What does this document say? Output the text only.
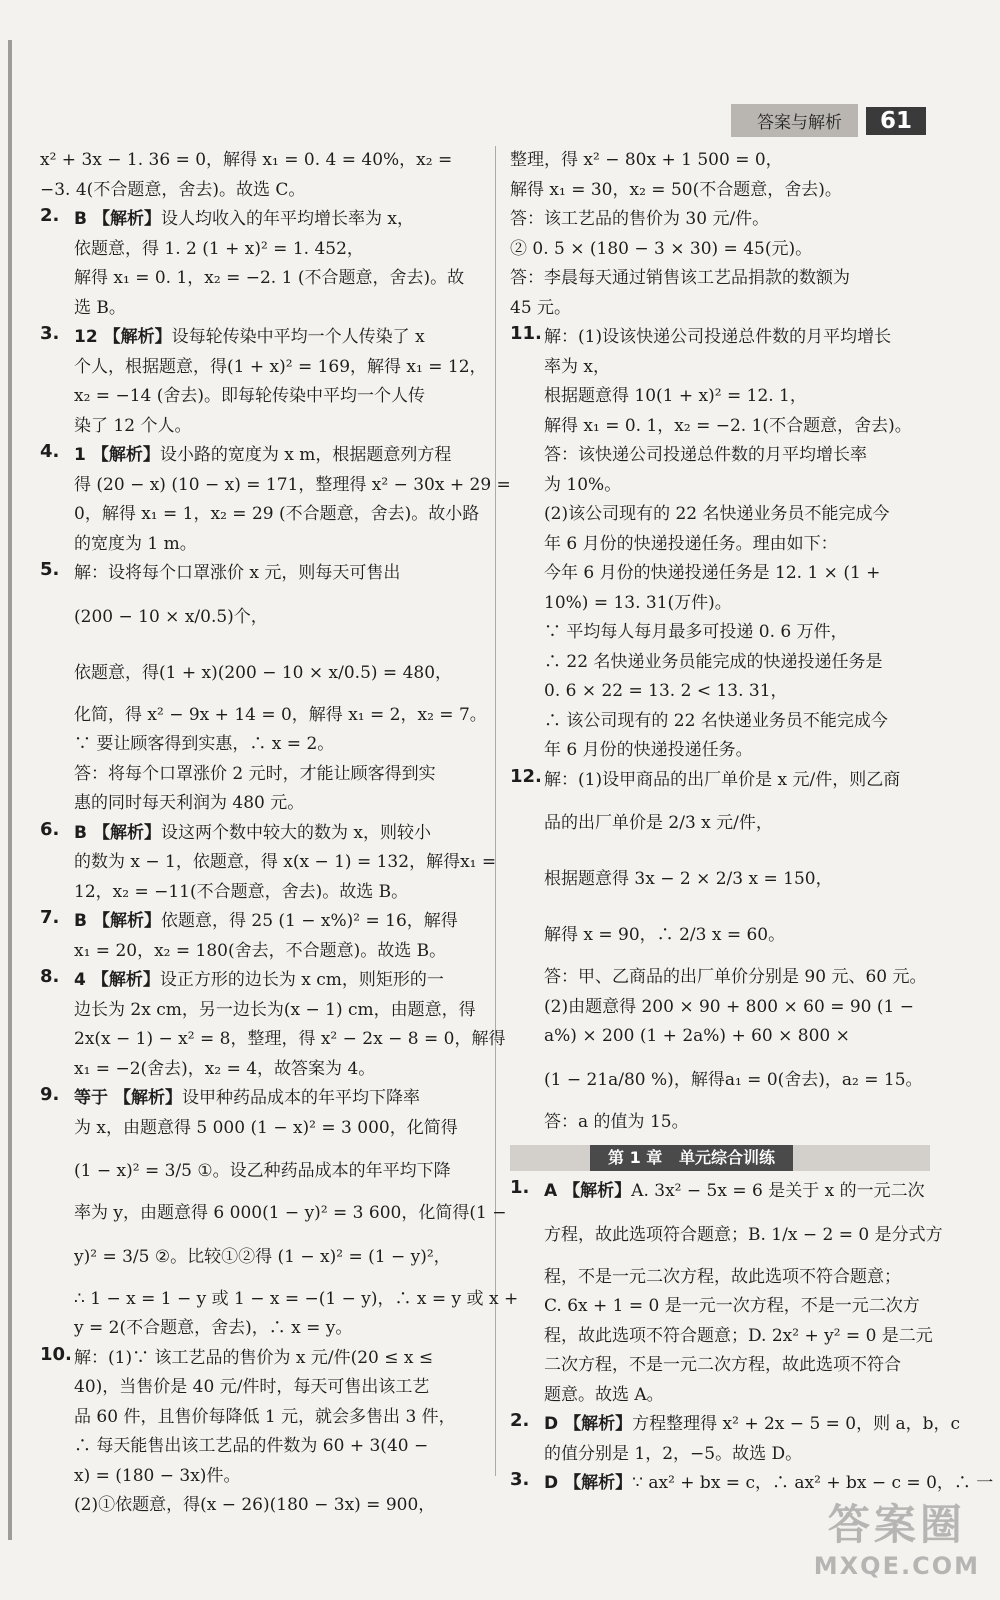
答案与解析	61
x² + 3x − 1. 36 = 0，解得 x₁ = 0. 4 = 40%，x₂ =
−3. 4(不合题意，舍去)。故选 C。
2. B 【解析】设人均收入的年平均增长率为 x，
依题意，得 1. 2 (1 + x)² = 1. 452，
解得 x₁ = 0. 1，x₂ = −2. 1 (不合题意，舍去)。故
选 B。
3. 12 【解析】设每轮传染中平均一个人传染了 x
个人，根据题意，得(1 + x)² = 169，解得 x₁ = 12，
x₂ = −14 (舍去)。即每轮传染中平均一个人传
染了 12 个人。
4. 1 【解析】设小路的宽度为 x m，根据题意列方程
得 (20 − x) (10 − x) = 171，整理得 x² − 30x + 29 =
0，解得 x₁ = 1，x₂ = 29 (不合题意，舍去)。故小路
的宽度为 1 m。
5. 解：设将每个口罩涨价 x 元，则每天可售出
(200 − 10 × x/0.5)个，
依题意，得(1 + x)(200 − 10 × x/0.5) = 480，
化简，得 x² − 9x + 14 = 0，解得 x₁ = 2，x₂ = 7。
∵ 要让顾客得到实惠，∴ x = 2。
答：将每个口罩涨价 2 元时，才能让顾客得到实
惠的同时每天利润为 480 元。
6. B 【解析】设这两个数中较大的数为 x，则较小
的数为 x − 1，依题意，得 x(x − 1) = 132，解得x₁ =
12，x₂ = −11(不合题意，舍去)。故选 B。
7. B 【解析】依题意，得 25 (1 − x%)² = 16，解得
x₁ = 20，x₂ = 180(舍去，不合题意)。故选 B。
8. 4 【解析】设正方形的边长为 x cm，则矩形的一
边长为 2x cm，另一边长为(x − 1) cm，由题意，得
2x(x − 1) − x² = 8，整理，得 x² − 2x − 8 = 0，解得
x₁ = −2(舍去)，x₂ = 4，故答案为 4。
9. 等于 【解析】设甲种药品成本的年平均下降率
为 x，由题意得 5 000 (1 − x)² = 3 000，化简得
(1 − x)² = 3/5 ①。设乙种药品成本的年平均下降
率为 y，由题意得 6 000(1 − y)² = 3 600，化简得(1 −
y)² = 3/5 ②。比较①②得 (1 − x)² = (1 − y)²，
∴ 1 − x = 1 − y 或 1 − x = −(1 − y)，∴ x = y 或 x +
y = 2(不合题意，舍去)，∴ x = y。
10. 解：(1)∵ 该工艺品的售价为 x 元/件(20 ≤ x ≤
40)，当售价是 40 元/件时，每天可售出该工艺
品 60 件，且售价每降低 1 元，就会多售出 3 件，
∴ 每天能售出该工艺品的件数为 60 + 3(40 −
x) = (180 − 3x)件。
(2)①依题意，得(x − 26)(180 − 3x) = 900，
整理，得 x² − 80x + 1 500 = 0，
解得 x₁ = 30，x₂ = 50(不合题意，舍去)。
答：该工艺品的售价为 30 元/件。
② 0. 5 × (180 − 3 × 30) = 45(元)。
答：李晨每天通过销售该工艺品捐款的数额为
45 元。
11. 解：(1)设该快递公司投递总件数的月平均增长
率为 x，
根据题意得 10(1 + x)² = 12. 1，
解得 x₁ = 0. 1，x₂ = −2. 1(不合题意，舍去)。
答：该快递公司投递总件数的月平均增长率
为 10%。
(2)该公司现有的 22 名快递业务员不能完成今
年 6 月份的快递投递任务。理由如下：
今年 6 月份的快递投递任务是 12. 1 × (1 +
10%) = 13. 31(万件)。
∵ 平均每人每月最多可投递 0. 6 万件，
∴ 22 名快递业务员能完成的快递投递任务是
0. 6 × 22 = 13. 2 < 13. 31，
∴ 该公司现有的 22 名快递业务员不能完成今
年 6 月份的快递投递任务。
12. 解：(1)设甲商品的出厂单价是 x 元/件，则乙商
品的出厂单价是 2/3 x 元/件，
根据题意得 3x − 2 × 2/3 x = 150，
解得 x = 90，∴ 2/3 x = 60。
答：甲、乙商品的出厂单价分别是 90 元、60 元。
(2)由题意得 200 × 90 + 800 × 60 = 90 (1 −
a%) × 200 (1 + 2a%) + 60 × 800 ×
(1 − 21a/80 %)，解得a₁ = 0(舍去)，a₂ = 15。
答：a 的值为 15。
第 1 章 单元综合训练
1. A 【解析】A. 3x² − 5x = 6 是关于 x 的一元二次
方程，故此选项符合题意；B. 1/x − 2 = 0 是分式方
程，不是一元二次方程，故此选项不符合题意；
C. 6x + 1 = 0 是一元一次方程，不是一元二次方
程，故此选项不符合题意；D. 2x² + y² = 0 是二元
二次方程，不是一元二次方程，故此选项不符合
题意。故选 A。
2. D 【解析】方程整理得 x² + 2x − 5 = 0，则 a，b，c
的值分别是 1，2，−5。故选 D。
3. D 【解析】∵ ax² + bx = c，∴ ax² + bx − c = 0，∴ 一
答案圈
MXQE.COM
